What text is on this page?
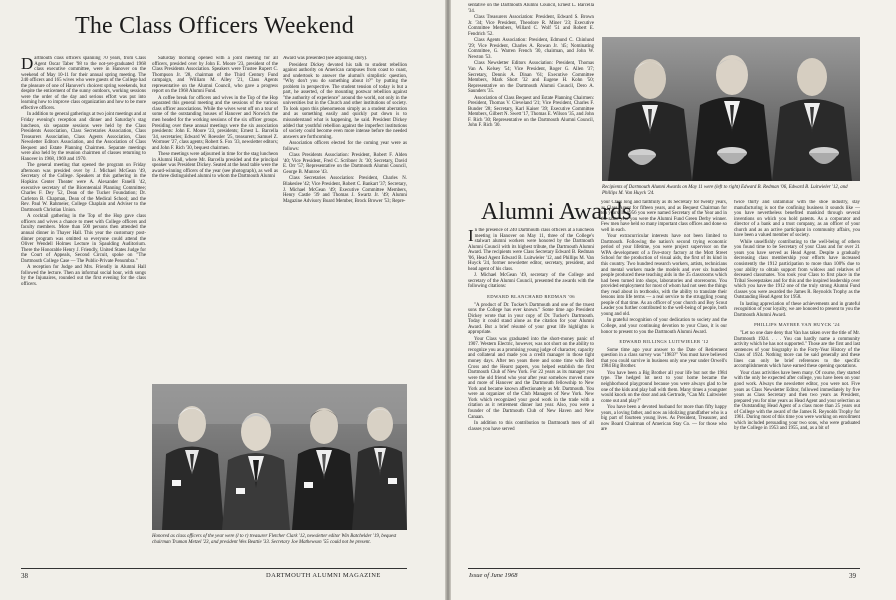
The Class Officers Weekend

Dartmouth class officers spanning 70 years, from Class Agent Oscar Taber '98 to the not-yet-graduated 1968 class executive committee, were in Hanover on the weekend of May 10-11 for their annual spring meeting. The 240 officers and 165 wives who were guests of the College had the pleasure of one of Hanover's choicest spring weekends, but despite the enticement of the sunny outdoors, working sessions were the order of the day and serious effort was put into learning how to improve class organization and how to be more effective officers.

In addition to general gatherings at two joint meetings and at Friday evening's reception and dinner and Saturday's stag luncheon, six separate sessions were held by the Class Presidents Association, Class Secretaries Association, Class Treasurers Association, Class Agents Association, Class Newsletter Editors Association, and the Association of Class Bequest and Estate Planning Chairmen. Separate meetings were also held by the reunion chairmen of classes returning to Hanover in 1968, 1969 and 1970.

The general meeting that opened the program on Friday afternoon was presided over by J. Michael McGean '49, Secretary of the College. Speakers at this gathering in the Hopkins Center Theater were A. Alexander Fanelli '42, executive secretary of the Bicentennial Planning Committee; Charles F. Dey '52, Dean of the Tucker Foundation; Dr. Carleton B. Chapman, Dean of the Medical School; and the Rev. Paul W. Rahmeier, College Chaplain and Adviser to the Dartmouth Christian Union.

A cocktail gathering in the Top of the Hop gave class officers and wives a chance to meet with College officers and faculty members. More than 500 persons then attended the annual dinner in Thayer Hall. This year the customary post-dinner program was omitted so everyone could attend the Oliver Wendell Holmes Lecture in Spaulding Auditorium. There the Honorable Henry J. Friendly, United States Judge for the Court of Appeals, Second Circuit, spoke on "The Dartmouth College Case — The Public-Private Penumbra."

A reception for Judge and Mrs. Friendly in Alumni Hall followed the lecture. Then an informal social hour, with songs by the Injunaires, rounded out the first evening for the class officers.

Saturday morning opened with a joint meeting for all officers, presided over by John E. Moore '23, president of the Class Presidents Association. Speakers were Trustee Rupert C. Thompson Jr. '28, chairman of the Third Century Fund campaign, and William M. Alley '21, Class Agents representative on the Alumni Council, who gave a progress report on the 1968 Alumni Fund.

A coffee break for officers and wives in the Top of the Hop separated this general meeting and the sessions of the various class officer associations. While the wives went off on a tour of some of the outstanding houses of Hanover and Norwich the men headed for the working sessions of the six officer groups. Presiding over these annual meetings were the six association presidents: John E. Moore '23, presidents; Ernest L. Barcella '34, secretaries; Edward W. Roessler '25, treasurers; Samuel Z. Wormser '27, class agents; Robert S. Fox '33, newsletter editors; and John F. Rich '30, bequest chairmen.

These meetings were adjourned in time for the stag luncheon in Alumni Hall, where Mr. Barcella presided and the principal speaker was President Dickey. Seated at the head table were the award-winning officers of the year (see photograph), as well as the three distinguished alumni to whom the Dartmouth Alumni

Award was presented (see adjoining story).

President Dickey devoted his talk to student rebellion against authority on American campuses from coast to coast, and undertook to answer the alumni's simplistic question, "Why don't you do something about it?" by putting the problem in perspective. The student tension of today is but a part, he asserted, of the mounting postwar rebellion against "the authority of experience" around the world, not only in the universities but in the Church and other institutions of society. To look upon this phenomenon simply as a student aberration and as something easily and quickly put down is to misunderstand what is happening, he said. President Dickey added that youthful rebellion against the imperfect institutions of society could become even more intense before the needed answers are forthcoming.

Association officers elected for the coming year were as follows:

Class Presidents Association: President, Robert F. Alden '40; Vice President, Fred C. Scribner Jr. '30; Secretary, David E. Orr '57; Representative on the Dartmouth Alumni Council, George B. Munroe '43.

Class Secretaries Association: President, Charles N. Blakeslee '42; Vice President, Robert C. Bankart '37; Secretary, J. Michael McGean '49; Executive Committee Members, Henry Castle '39 and Thomas J. Swartz Jr. '49; Alumni Magazine Advisory Board Member, Brock Brower '53; Repre-

Honored as class officers of the year were (l to r) treasurer Fletcher Clark '12, newsletter editor Win Batchelder '19, bequest chairman Truman Metzel '23, and president Wes Beattie '33. Secretary Joe Mathewson '55 could not be present.
38	DARTMOUTH ALUMNI MAGAZINE

sentative on the Dartmouth Alumni Council, Ernest L. Barcella '34.

Class Treasurers Association: President, Edward S. Brown Jr. '34; Vice President, Theodore R. Miner '23; Executive Committee Members, Willard C. Wolf '51 and Robert E. Fendrich '52.

Class Agents Association: President, Edmund C. Chinlund '29; Vice President, Charles A. Rowan Jr. '45; Nominating Committee, G. Warren French '30, chairman, and John W. Newton '53.

Class Newsletter Editors Association: President, Thomas Van A. Kelsey '54; Vice President, Roger G. Allen '37; Secretary, Dennis A. Dinan '61; Executive Committee Members, Mark Short '32 and Eugene H. Kohn '50; Representative on the Dartmouth Alumni Council, Dero A. Saunders '35.

Association of Class Bequest and Estate Planning Chairmen: President, Thomas V. Cleveland '21; Vice President, Charles F. Bunder '28; Secretary, Karl Kaiser '39; Executive Committee Members, Gilbert N. Swett '17, Thomas E. Wilson '35, and John F. Rich '30; Representative on the Dartmouth Alumni Council, John F. Rich '30.

Recipients of Dartmouth Alumni Awards on May 11 were (left to right) Edward B. Redman '06, Edward B. Luitwieler '12, and Phillips M. Van Huyck '24.
Alumni Awards

In the presence of 240 Dartmouth class officers at a luncheon meeting in Hanover on May 11, three of the College's stalwart alumni workers were honored by the Dartmouth Alumni Council with its highest tribute, the Dartmouth Alumni Award. The recipients were Class Secretary Edward B. Redman '06, Head Agent Edward B. Luitwieler '12, and Phillips M. Van Huyck '24, former newsletter editor, secretary, president, and head agent of his class.

J. Michael McGean '49, secretary of the College and secretary of the Alumni Council, presented the awards with the following citations:

EDWARD BLANCHARD REDMAN '06

"A product of Dr. Tucker's Dartmouth and one of the truest sons the College has ever known." Some time ago President Dickey wrote that in your copy of Dr. Tucker's Dartmouth. Today it could stand alone as the citation for your Alumni Award. But a brief résumé of your great life highlights is appropriate.

Your Class was graduated into the short-money panic of 1907. Western Electric, however, was not short on the ability to recognize you as a promising young judge of character, capacity and collateral and made you a credit manager in those tight money days. After ten years there and some time with Red Cross and the Hearst papers, you helped establish the first Dartmouth Club of New York. For 22 years as its manager you were the old friend who year after year somehow moved more and more of Hanover and the Dartmouth fellowship to New York and became known affectionately as Mr. Dartmouth. You were an organizer of the Club Managers of New York. New York which recognized your good work in the trade with a citation as it retirement dinner last year. Also, you were a founder of the Dartmouth Club of New Haven and New Canaan.

In addition to this contribution to Dartmouth men of all classes you have served

your Class long and faithfully as its Secretary for twenty years, as Class Agent for fifteen years, and as Bequest Chairman for ten years. In 1956 you were named Secretary of the Year and in the same year you were the Alumni Fund Green Derby winner. Few men have held so many important class offices and done so well in each.

Your extracurricular interests have not been limited to Dartmouth. Following the nation's second trying economic period of your lifetime, you were project supervisor on the WPA development of a five-story factory at the Mott Street School for the production of visual aids, the first of its kind in this country. Two hundred research workers, artists, technicians and mental workers made the models and over six hundred people produced these teaching aids in the 35 classrooms which had been turned into shops, laboratories and storerooms. You provided employment for most of whom had not seen the things they read about in textbooks, with the ability to translate their lessons into life terms — a real service to the struggling young people of that time. As an officer of your church and Boy Scout Leader you further contributed to the well-being of people, both young and old.

In grateful recognition of your dedication to society and the College, and your continuing devotion to your Class, it is our honor to present to you the Dartmouth Alumni Award.

EDWARD BILLINGS LUITWIELER '12

Some time ago your answer to the Date of Retirement question in a class survey was "1983?" You must have believed that you could survive in business only one year under Orwell's 1984 Big Brother.

You have been a Big Brother all your life but not the 1984 type. The hedged lot next to your home became the neighborhood playground because you were always glad to be one of the kids and play ball with them. Many times a youngster would knock on the door and ask Gertrude, "Can Mr. Luitwieler come out and play?"

You have been a devoted husband for more than fifty happy years, a loving father, and now an idolizing grandfather who is a big part of fourteen young lives. As President, Treasurer, and now Board Chairman of American Stay Co. — for those who are

twice thirty and unfamiliar with the shoe industry, stay manufacturing is not the confining business it sounds like — you have nevertheless benefited mankind through several inventions on which you hold patents. As a corporator and director of a bank and a trust company, as an officer of your church and as an active participant in community affairs, you have been a valued member of society.

While unselfishly contributing to the well-being of others you found time to be Secretary of your Class and for over 21 years you have served as Head Agent. Despite a gradually decreasing class membership your efforts have increased consistently the 1912 participation to more than 100% due to your ability to obtain support from widows and relatives of deceased classmates. You took your Class to first place in the Tribal Sweepstakes and for this and the inspired leadership over which you have the 1912 one of the truly strong Alumni Fund classes you were awarded the James R. Reynolds Trophy as the Outstanding Head Agent for 1958.

In lasting appreciation of these achievements and in grateful recognition of your loyalty, we are honored to present to you the Dartmouth Alumni Award.

PHILLIPS MAYBEE VAN HUYCK '24

"Let no one dare deny that Van has taken over the title of Mr. Dartmouth 1924. . . . You can hardly name a community activity which he has not supported." Those are the first and last sentences of your biography in the Forty-Year History of the Class of 1924. Nothing more can be said generally and these lines can only be brief references to the specific accomplishments which have earned these opening quotations.

Your class activities have been many. Of course, they started with the only be expected after college, you have been on your good work. Always the newsletter editor, you were not. Five years as Class Newsletter Editor, followed immediately by five years as Class Secretary and then two years as President, prepared you for nine years as Head Agent and your selection as the Outstanding Head Agent of a class more than 25 years out of College with the award of the James R. Reynolds Trophy for 1961. During most of this time you were working on enrollment which included persuading your two sons, who were graduated by the College in 1953 and 1955, and, as a bit of

Issue of June 1968	39
